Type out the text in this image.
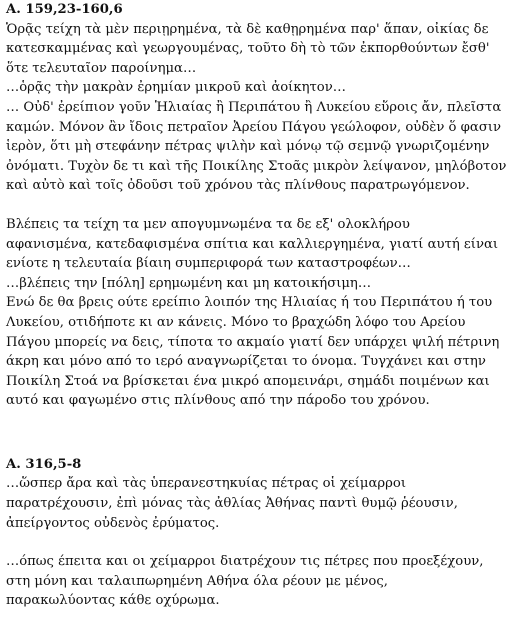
A. 159,23-160,6

Ὁρᾷς τείχη τὰ μὲν περιῃρημένα, τὰ δὲ καθῃρημένα παρ' ἅπαν, οἰκίας δε
κατεσκαμμένας καὶ γεωργουμένας, τοῦτο δὴ τὸ τῶν ἐκπορθούντων ἔσθ'
ὅτε τελευταῖον παροίνημα…

…ὁρᾷς τὴν μακρὰν ἐρημίαν μικροῦ καὶ ἀοίκητον…
… Οὐδ' ἐρείπιον γοῦν Ἡλιαίας ἢ Περιπάτου ἢ Λυκείου εὕροις ἄν, πλεῖστα
καμών. Μόνον ἂν ἴδοις πετραῖον Ἀρείου Πάγου γεώλοφον, οὐδὲν ὅ φασιν
ἱερὸν, ὅτι μὴ στεφάνην πέτρας ψιλὴν καὶ μόνῳ τῷ σεμνῷ γνωριζομένην
ὀνόματι. Τυχὸν δε τι καὶ τῆς Ποικίλης Στοᾶς μικρὸν λείψανον, μηλόβοτον
καὶ αὐτὸ καὶ τοῖς ὀδοῦσι τοῦ χρόνου τὰς πλίνθους παρατρωγόμενον.

Βλέπεις τα τείχη τα μεν απογυμνωμένα τα δε εξ' ολοκλήρου
αφανισμένα, κατεδαφισμένα σπίτια και καλλιεργημένα, γιατί αυτή είναι
ενίοτε η τελευταία βίαιη συμπεριφορά των καταστροφέων…

…βλέπεις την [πόλη] ερημωμένη και μη κατοικήσιμη…
Ενώ δε θα βρεις ούτε ερείπιο λοιπόν της Ηλιαίας ή του Περιπάτου ή του
Λυκείου, οτιδήποτε κι αν κάνεις. Μόνο το βραχώδη λόφο του Αρείου
Πάγου μπορείς να δεις, τίποτα το ακμαίο γιατί δεν υπάρχει ψιλή πέτρινη
άκρη και μόνο από το ιερό αναγνωρίζεται το όνομα. Τυγχάνει και στην
Ποικίλη Στοά να βρίσκεται ένα μικρό απομεινάρι, σημάδι ποιμένων και
αυτό και φαγωμένο στις πλίνθους από την πάροδο του χρόνου.

A. 316,5-8

…ὥσπερ ἄρα καὶ τὰς ὑπερανεστηκυίας πέτρας οἱ χείμαρροι
παρατρέχουσιν, ἐπὶ μόνας τὰς ἀθλίας Ἀθήνας παντὶ θυμῷ ῥέουσιν,
ἀπείργοντος οὐδενὸς ἐρύματος.

…όπως έπειτα και οι χείμαρροι διατρέχουν τις πέτρες που προεξέχουν,
στη μόνη και ταλαιπωρημένη Αθήνα όλα ρέουν με μένος,
παρακωλύοντας κάθε οχύρωμα.
